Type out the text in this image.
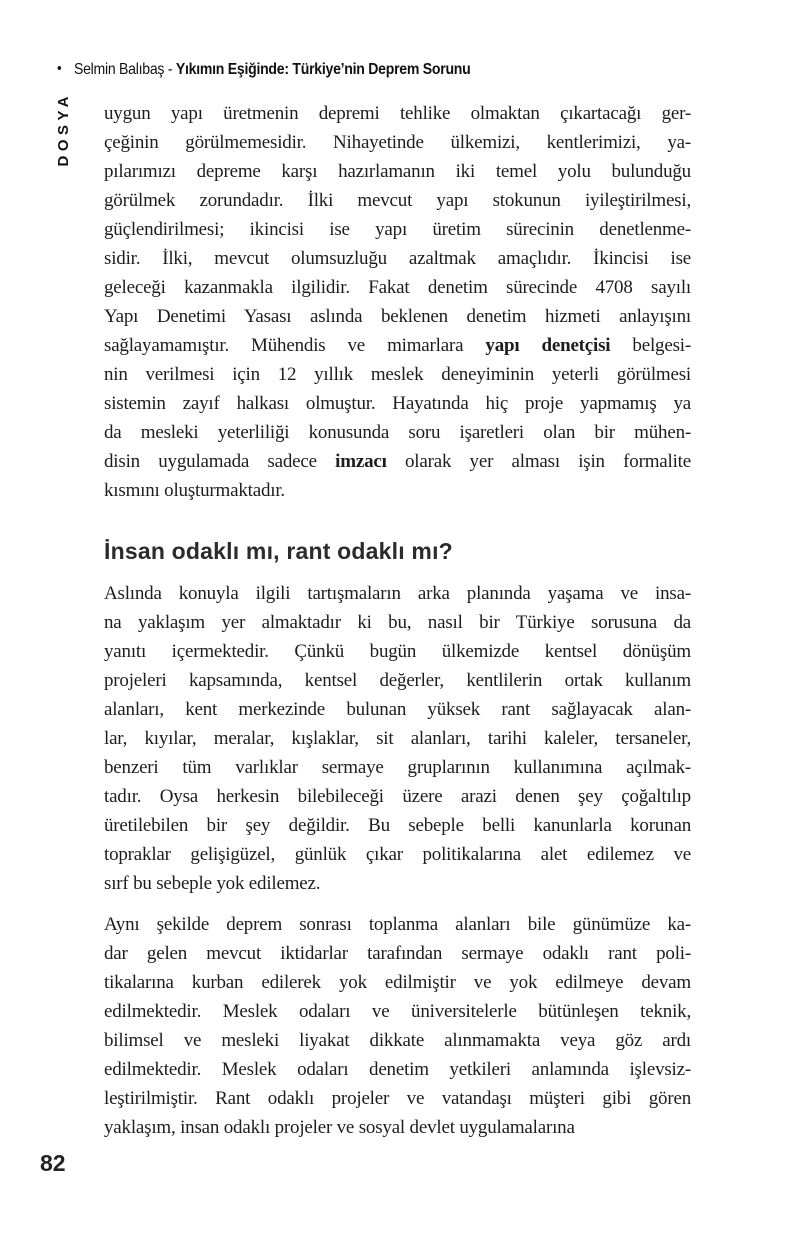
• Selmin Balıbaş - Yıkımın Eşiğinde: Türkiye’nin Deprem Sorunu
DOSYA uygun yapı üretmenin depremi tehlike olmaktan çıkartacağı ger-
çeğinin görülmemesidir. Nihayetinde ülkemizi, kentlerimizi, ya-
pılarımızı depreme karşı hazırlamanın iki temel yolu bulunduğu
görülmek zorundadır. İlki mevcut yapı stokunun iyileştirilmesi,
güçlendirilmesi; ikincisi ise yapı üretim sürecinin denetlenme-
sidir. İlki, mevcut olumsuzluğu azaltmak amaçlıdır. İkincisi ise
geleceği kazanmakla ilgilidir. Fakat denetim sürecinde 4708 sayılı
Yapı Denetimi Yasası aslında beklenen denetim hizmeti anlayışını
sağlayamamıştır. Mühendis ve mimarlara yapı denetçisi belgesi-
nin verilmesi için 12 yıllık meslek deneyiminin yeterli görülmesi
sistemin zayıf halkası olmuştur. Hayatında hiç proje yapmamış ya
da mesleki yeterliliği konusunda soru işaretleri olan bir mühen-
disin uygulamada sadece imzacı olarak yer alması işin formalite
kısmını oluşturmaktadır.
İnsan odaklı mı, rant odaklı mı?
Aslında konuyla ilgili tartışmaların arka planında yaşama ve insa-
na yaklaşım yer almaktadır ki bu, nasıl bir Türkiye sorusuna da
yanıtı içermektedir. Çünkü bugün ülkemizde kentsel dönüşüm
projeleri kapsamında, kentsel değerler, kentlilerin ortak kullanım
alanları, kent merkezinde bulunan yüksek rant sağlayacak alan-
lar, kıyılar, meralar, kışlaklar, sit alanları, tarihi kaleler, tersaneler,
benzeri tüm varlıklar sermaye gruplarının kullanımına açılmak-
tadır. Oysa herkesin bilebileceği üzere arazi denen şey çoğaltılıp
üretilebilen bir şey değildir. Bu sebeple belli kanunlarla korunan
topraklar gelişigüzel, günlük çıkar politikalarına alet edilemez ve
sırf bu sebeple yok edilemez.
Aynı şekilde deprem sonrası toplanma alanları bile günümüze ka-
dar gelen mevcut iktidarlar tarafından sermaye odaklı rant poli-
tikalarına kurban edilerek yok edilmiştir ve yok edilmeye devam
edilmektedir. Meslek odaları ve üniversitelerle bütünleşen teknik,
bilimsel ve mesleki liyakat dikkate alınmamakta veya göz ardı
edilmektedir. Meslek odaları denetim yetkileri anlamında işlevsiz-
leştirilmiştir. Rant odaklı projeler ve vatandaşı müşteri gibi gören
yaklaşım, insan odaklı projeler ve sosyal devlet uygulamalarına
82
